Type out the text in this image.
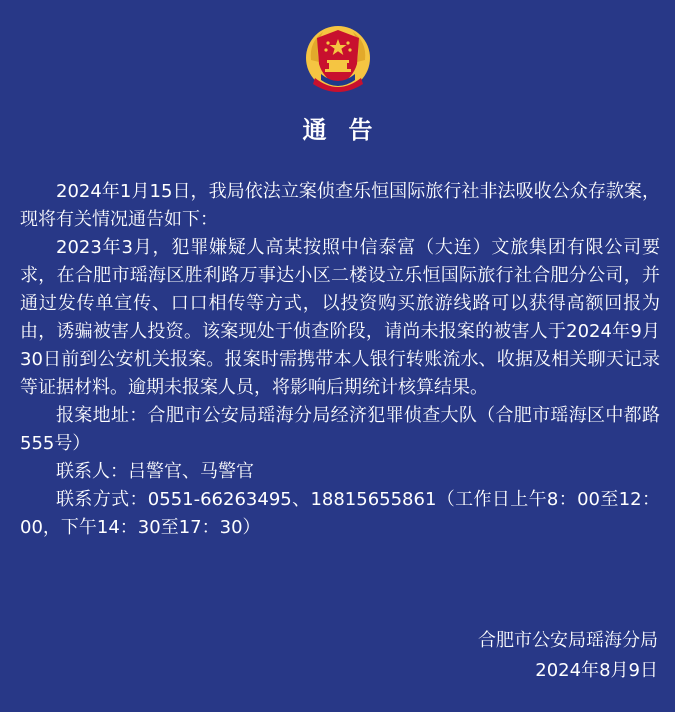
通告

2024年1月15日，我局依法立案侦查乐恒国际旅行社非法吸收公众存款案，现将有关情况通告如下：

2023年3月，犯罪嫌疑人高某按照中信泰富（大连）文旅集团有限公司要求，在合肥市瑶海区胜利路万事达小区二楼设立乐恒国际旅行社合肥分公司，并通过发传单宣传、口口相传等方式，以投资购买旅游线路可以获得高额回报为由，诱骗被害人投资。该案现处于侦查阶段，请尚未报案的被害人于2024年9月30日前到公安机关报案。报案时需携带本人银行转账流水、收据及相关聊天记录等证据材料。逾期未报案人员，将影响后期统计核算结果。

报案地址：合肥市公安局瑶海分局经济犯罪侦查大队（合肥市瑶海区中都路555号）

联系人：吕警官、马警官

联系方式：0551-66263495、18815655861（工作日上午8：00至12：00，下午14：30至17：30）

合肥市公安局瑶海分局
2024年8月9日
